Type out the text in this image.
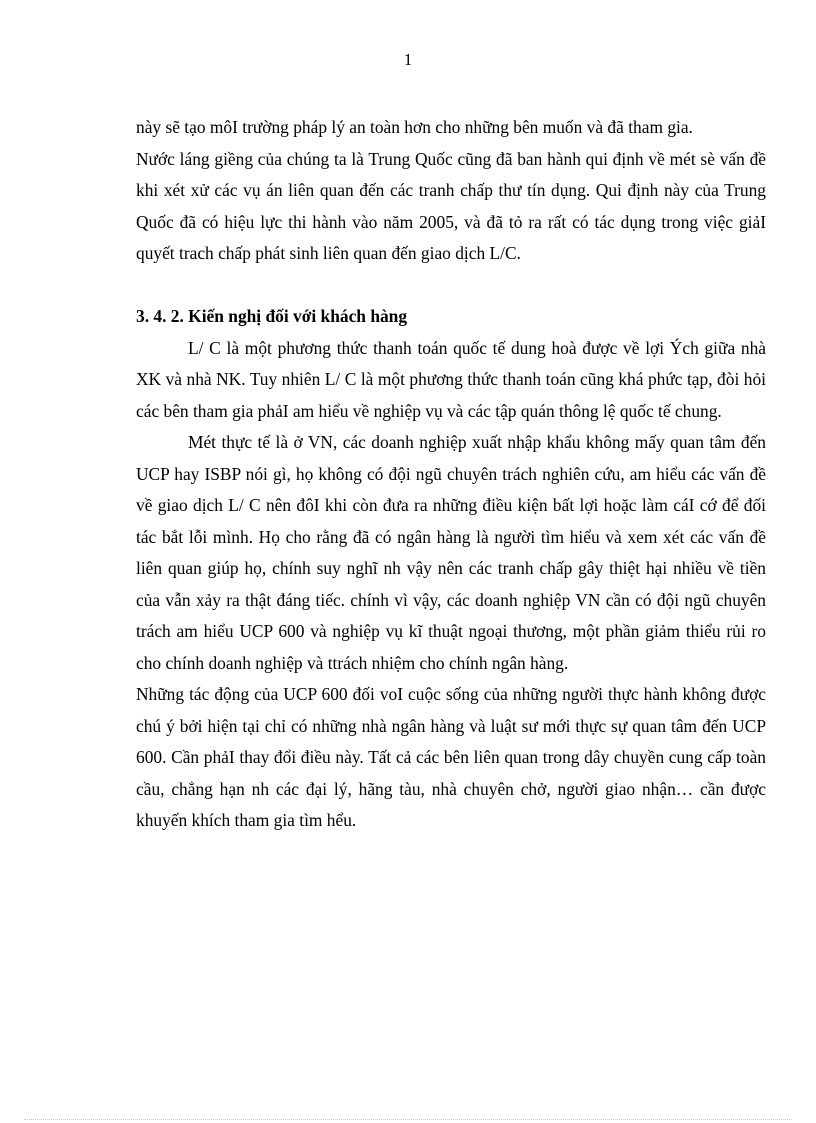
1

này sẽ tạo môI trường pháp lý an toàn hơn cho những bên muốn và đã tham gia.

Nước láng giềng của chúng ta là Trung Quốc cũng đã ban hành qui định về mét sè vấn đề khi xét xử các vụ án liên quan đến các tranh chấp thư tín dụng. Qui định này của Trung Quốc đã có hiệu lực thi hành vào năm 2005, và đã tỏ ra rất có tác dụng trong việc giảI quyết trach chấp phát sinh liên quan đến giao dịch L/C.

3. 4. 2. Kiến nghị đối với khách hàng

L/ C là một phương thức thanh toán quốc tế dung hoà được về lợi Ých giữa nhà XK và nhà NK. Tuy nhiên L/ C là một phương thức thanh toán cũng khá phức tạp, đòi hỏi các bên tham gia phảI am hiểu về nghiệp vụ và các tập quán thông lệ quốc tế chung.

Mét thực tế là ở VN, các doanh nghiệp xuất nhập khẩu không mấy quan tâm đến UCP hay ISBP nói gì, họ không có đội ngũ chuyên trách nghiên cứu, am hiểu các vấn đề về giao dịch L/ C nên đôI khi còn đưa ra những điều kiện bất lợi hoặc làm cáI cớ để đối tác bắt lỗi mình. Họ cho rằng đã có ngân hàng là người tìm hiểu và xem xét các vấn đề liên quan giúp họ, chính suy nghĩ nh vậy nên các tranh chấp gây thiệt hại nhiều về tiền của vẫn xảy ra thật đáng tiếc. chính vì vậy, các doanh nghiệp VN cần có đội ngũ chuyên trách am hiểu UCP 600 và nghiệp vụ kĩ thuật ngoại thương, một phần giảm thiểu rủi ro cho chính doanh nghiệp và ttrách nhiệm cho chính ngân hàng.

Những tác động của UCP 600 đối voI cuộc sống của những người thực hành không được chú ý bởi hiện tại chỉ có những nhà ngân hàng và luật sư mới thực sự quan tâm đến UCP 600. Cần phảI thay đổi điều này. Tất cả các bên liên quan trong dây chuyền cung cấp toàn cầu, chẳng hạn nh các đại lý, hãng tàu, nhà chuyên chở, người giao nhận… cần được khuyến khích tham gia tìm hểu.
